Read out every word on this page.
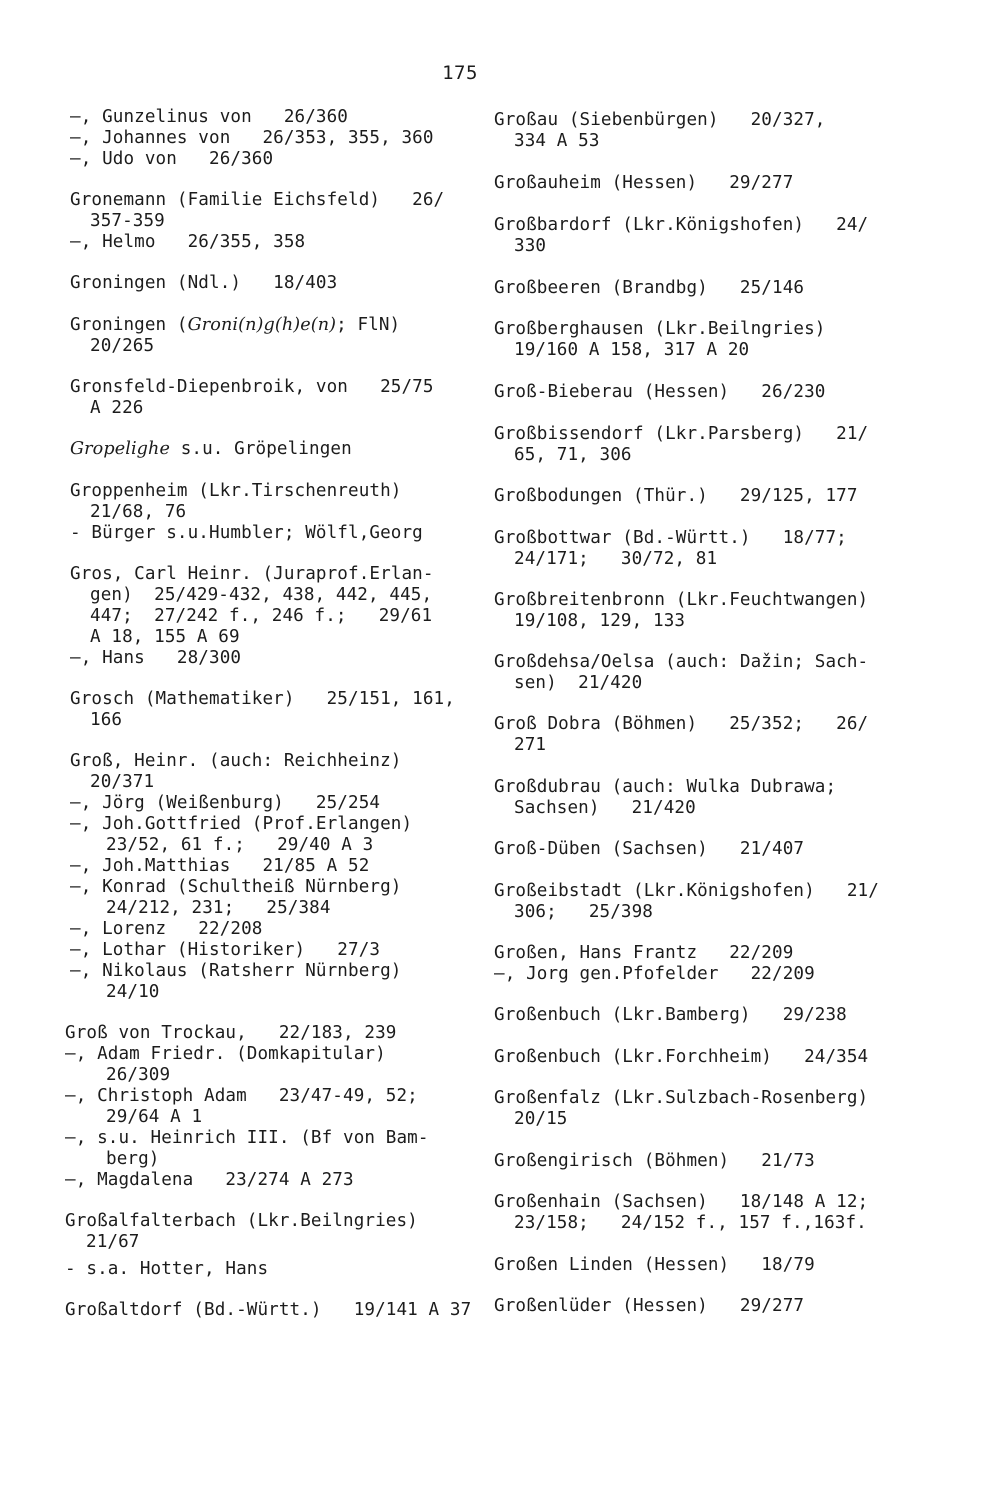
175
—, Gunzelinus von   26/360
—, Johannes von   26/353, 355, 360
—, Udo von   26/360
Gronemann (Familie Eichsfeld)   26/
357-359
—, Helmo   26/355, 358
Groningen (Ndl.)   18/403
Groningen (Groni(n)g(h)e(n); FlN)
20/265
Gronsfeld-Diepenbroik, von   25/75
A 226
Gropelighe s.u. Gröpelingen
Groppenheim (Lkr.Tirschenreuth)
21/68, 76
- Bürger s.u.Humbler; Wölfl,Georg
Gros, Carl Heinr. (Juraprof.Erlan-
gen)  25/429-432, 438, 442, 445,
447;  27/242 f., 246 f.;   29/61
A 18, 155 A 69
—, Hans   28/300
Grosch (Mathematiker)   25/151, 161,
166
Groß, Heinr. (auch: Reichheinz)
20/371
—, Jörg (Weißenburg)   25/254
—, Joh.Gottfried (Prof.Erlangen)
23/52, 61 f.;   29/40 A 3
—, Joh.Matthias   21/85 A 52
—, Konrad (Schultheiß Nürnberg)
24/212, 231;   25/384
—, Lorenz   22/208
—, Lothar (Historiker)   27/3
—, Nikolaus (Ratsherr Nürnberg)
24/10
Groß von Trockau,   22/183, 239
—, Adam Friedr. (Domkapitular)
26/309
—, Christoph Adam   23/47-49, 52;
29/64 A 1
—, s.u. Heinrich III. (Bf von Bam-
berg)
—, Magdalena   23/274 A 273
Großalfalterbach (Lkr.Beilngries)
21/67
- s.a. Hotter, Hans
Großaltdorf (Bd.-Württ.)   19/141 A 37
Großau (Siebenbürgen)   20/327,
334 A 53
Großauheim (Hessen)   29/277
Großbardorf (Lkr.Königshofen)   24/
330
Großbeeren (Brandbg)   25/146
Großberghausen (Lkr.Beilngries)
19/160 A 158, 317 A 20
Groß-Bieberau (Hessen)   26/230
Großbissendorf (Lkr.Parsberg)   21/
65, 71, 306
Großbodungen (Thür.)   29/125, 177
Großbottwar (Bd.-Württ.)   18/77;
24/171;   30/72, 81
Großbreitenbronn (Lkr.Feuchtwangen)
19/108, 129, 133
Großdehsa/Oelsa (auch: Dažin; Sach-
sen)  21/420
Groß Dobra (Böhmen)   25/352;   26/
271
Großdubrau (auch: Wulka Dubrawa;
Sachsen)   21/420
Groß-Düben (Sachsen)   21/407
Großeibstadt (Lkr.Königshofen)   21/
306;   25/398
Großen, Hans Frantz   22/209
—, Jorg gen.Pfofelder   22/209
Großenbuch (Lkr.Bamberg)   29/238
Großenbuch (Lkr.Forchheim)   24/354
Großenfalz (Lkr.Sulzbach-Rosenberg)
20/15
Großengirisch (Böhmen)   21/73
Großenhain (Sachsen)   18/148 A 12;
23/158;   24/152 f., 157 f.,163f.
Großen Linden (Hessen)   18/79
Großenlüder (Hessen)   29/277
